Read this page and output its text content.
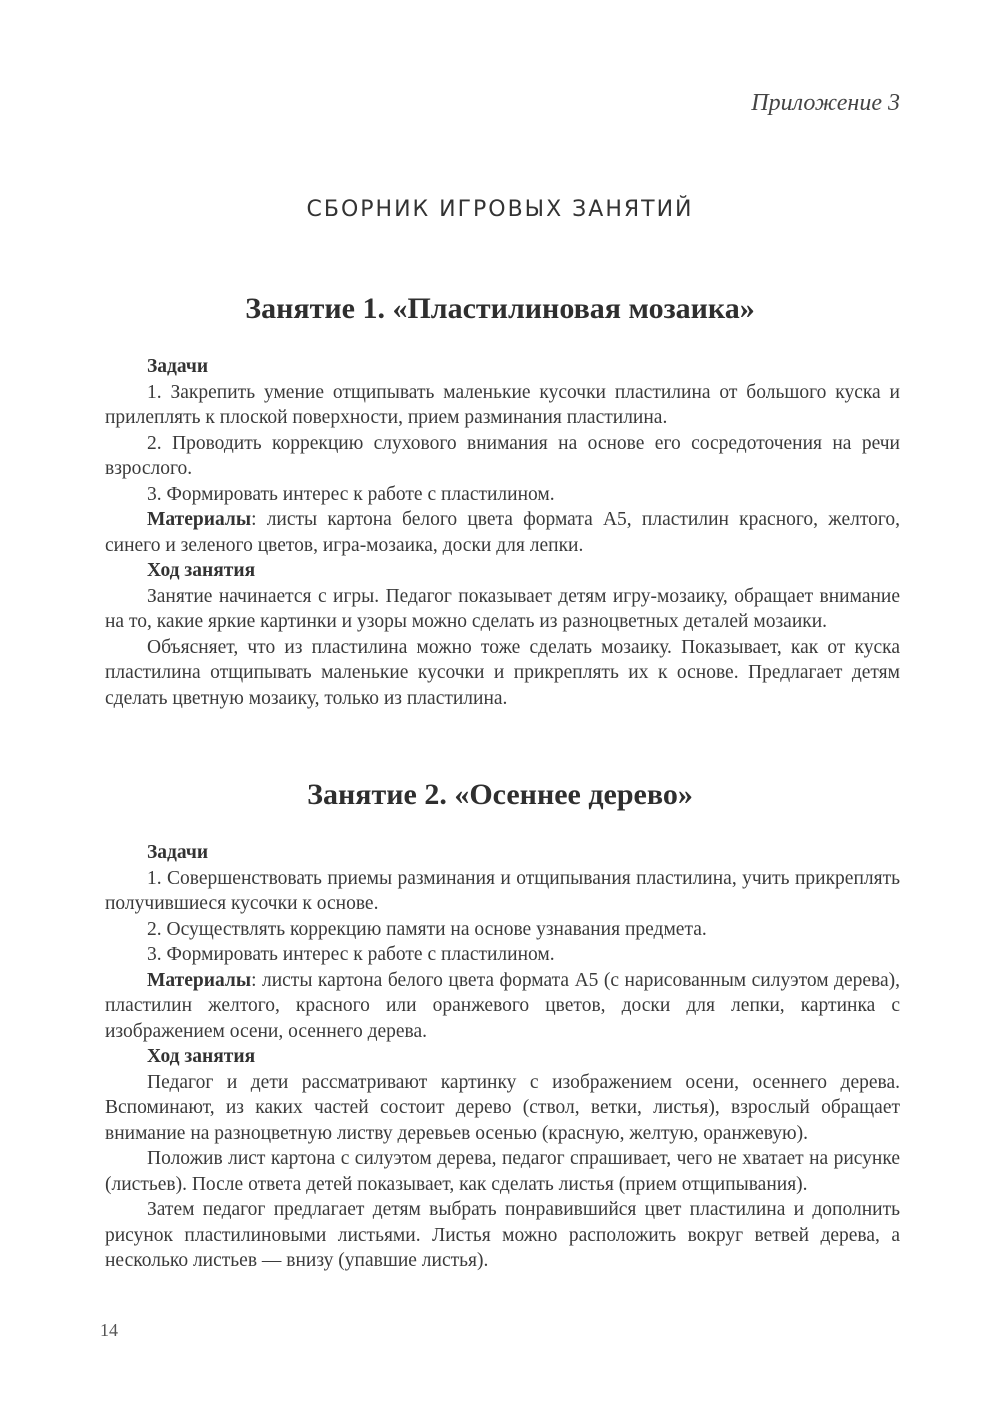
Приложение 3
СБОРНИК ИГРОВЫХ ЗАНЯТИЙ
Занятие 1. «Пластилиновая мозаика»
Задачи

1. Закрепить умение отщипывать маленькие кусочки пластилина от большого куска и прилеплять к плоской поверхности, прием разминания пластилина.

2. Проводить коррекцию слухового внимания на основе его сосредоточения на речи взрослого.

3. Формировать интерес к работе с пластилином.

Материалы: листы картона белого цвета формата А5, пластилин красного, желтого, синего и зеленого цветов, игра-мозаика, доски для лепки.

Ход занятия

Занятие начинается с игры. Педагог показывает детям игру-мозаику, обращает внимание на то, какие яркие картинки и узоры можно сделать из разноцветных деталей мозаики.

Объясняет, что из пластилина можно тоже сделать мозаику. Показывает, как от куска пластилина отщипывать маленькие кусочки и прикреплять их к основе. Предлагает детям сделать цветную мозаику, только из пластилина.

Занятие 2. «Осеннее дерево»
Задачи

1. Совершенствовать приемы разминания и отщипывания пластилина, учить прикреплять получившиеся кусочки к основе.

2. Осуществлять коррекцию памяти на основе узнавания предмета.

3. Формировать интерес к работе с пластилином.

Материалы: листы картона белого цвета формата А5 (с нарисованным силуэтом дерева), пластилин желтого, красного или оранжевого цветов, доски для лепки, картинка с изображением осени, осеннего дерева.

Ход занятия

Педагог и дети рассматривают картинку с изображением осени, осеннего дерева. Вспоминают, из каких частей состоит дерево (ствол, ветки, листья), взрослый обращает внимание на разноцветную листву деревьев осенью (красную, желтую, оранжевую).

Положив лист картона с силуэтом дерева, педагог спрашивает, чего не хватает на рисунке (листьев). После ответа детей показывает, как сделать листья (прием отщипывания).

Затем педагог предлагает детям выбрать понравившийся цвет пластилина и дополнить рисунок пластилиновыми листьями. Листья можно расположить вокруг ветвей дерева, а несколько листьев — внизу (упавшие листья).

14
